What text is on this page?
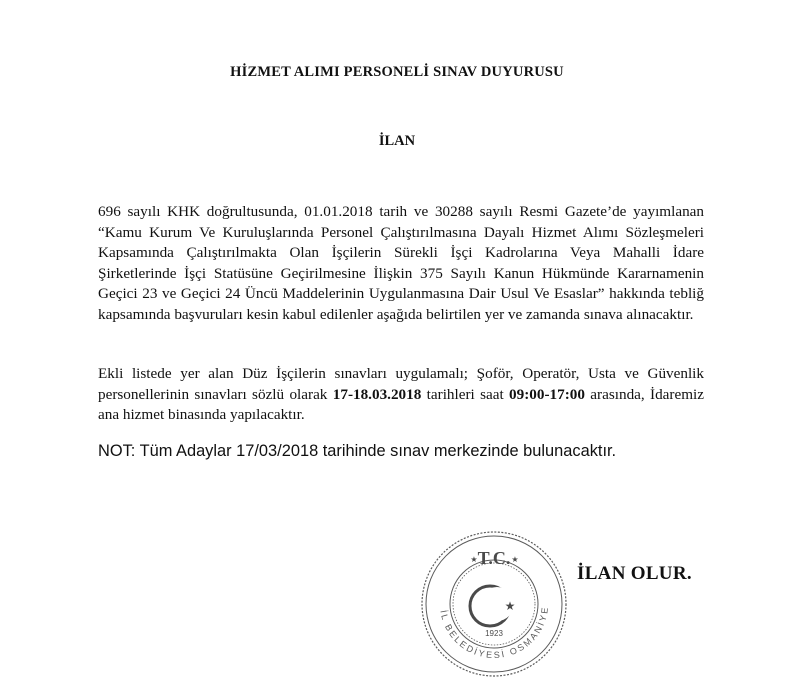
HİZMET ALIMI PERSONELİ SINAV DUYURUSU
İLAN
696 sayılı KHK doğrultusunda, 01.01.2018 tarih ve 30288 sayılı Resmi Gazete’de yayımlanan “Kamu Kurum Ve Kuruluşlarında Personel Çalıştırılmasına Dayalı Hizmet Alımı Sözleşmeleri Kapsamında Çalıştırılmakta Olan İşçilerin Sürekli İşçi Kadrolarına Veya Mahalli İdare Şirketlerinde İşçi Statüsüne Geçirilmesine İlişkin 375 Sayılı Kanun Hükmünde Kararnamenin Geçici 23 ve Geçici 24 Üncü Maddelerinin Uygulanmasına Dair Usul Ve Esaslar” hakkında tebliğ kapsamında başvuruları kesin kabul edilenler aşağıda belirtilen yer ve zamanda sınava alınacaktır.
Ekli listede yer alan Düz İşçilerin sınavları uygulamalı; Şoför, Operatör, Usta ve Güvenlik personellerinin sınavları sözlü olarak 17-18.03.2018 tarihleri saat 09:00-17:00 arasında, İdaremiz ana hizmet binasında yapılacaktır.
NOT: Tüm Adaylar 17/03/2018 tarihinde sınav merkezinde bulunacaktır.
T.C.
★	★
★
1923
İL BELEDİYESİ OSMANİYE
İLAN OLUR.
